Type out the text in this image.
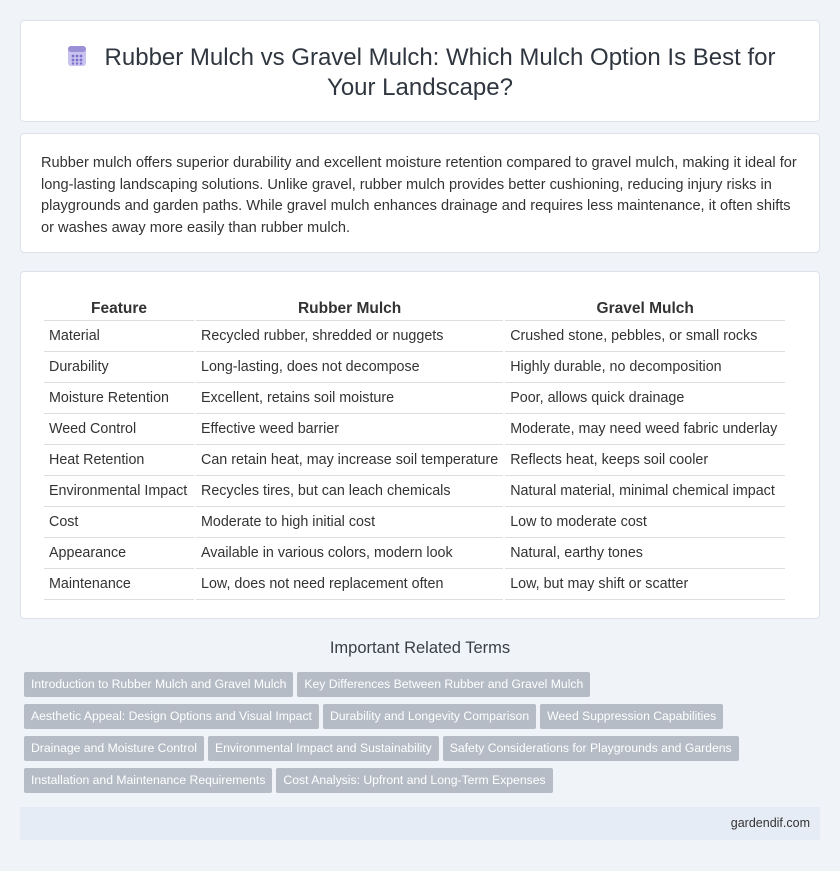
Rubber Mulch vs Gravel Mulch: Which Mulch Option Is Best for Your Landscape?

Rubber mulch offers superior durability and excellent moisture retention compared to gravel mulch, making it ideal for long-lasting landscaping solutions. Unlike gravel, rubber mulch provides better cushioning, reducing injury risks in playgrounds and garden paths. While gravel mulch enhances drainage and requires less maintenance, it often shifts or washes away more easily than rubber mulch.

Feature	Rubber Mulch	Gravel Mulch
Material	Recycled rubber, shredded or nuggets	Crushed stone, pebbles, or small rocks
Durability	Long-lasting, does not decompose	Highly durable, no decomposition
Moisture Retention	Excellent, retains soil moisture	Poor, allows quick drainage
Weed Control	Effective weed barrier	Moderate, may need weed fabric underlay
Heat Retention	Can retain heat, may increase soil temperature	Reflects heat, keeps soil cooler
Environmental Impact	Recycles tires, but can leach chemicals	Natural material, minimal chemical impact
Cost	Moderate to high initial cost	Low to moderate cost
Appearance	Available in various colors, modern look	Natural, earthy tones
Maintenance	Low, does not need replacement often	Low, but may shift or scatter
Important Related Terms
Introduction to Rubber Mulch and Gravel Mulch Key Differences Between Rubber and Gravel Mulch
Aesthetic Appeal: Design Options and Visual Impact Durability and Longevity Comparison Weed Suppression Capabilities
Drainage and Moisture Control Environmental Impact and Sustainability Safety Considerations for Playgrounds and Gardens
Installation and Maintenance Requirements Cost Analysis: Upfront and Long-Term Expenses
gardendif.com
